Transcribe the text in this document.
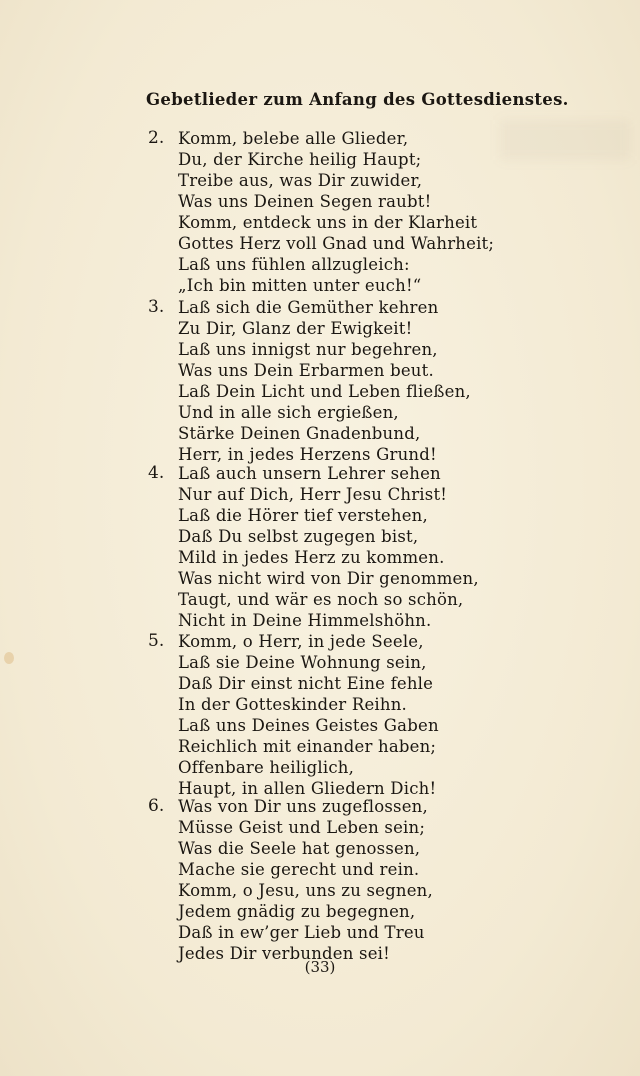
Gebetlieder zum Anfang des Gottesdienstes.
2. Komm, belebe alle Glieder,
Du, der Kirche heilig Haupt;
Treibe aus, was Dir zuwider,
Was uns Deinen Segen raubt!
Komm, entdeck uns in der Klarheit
Gottes Herz voll Gnad und Wahrheit;
Laß uns fühlen allzugleich:
„Ich bin mitten unter euch!“
3. Laß sich die Gemüther kehren
Zu Dir, Glanz der Ewigkeit!
Laß uns innigst nur begehren,
Was uns Dein Erbarmen beut.
Laß Dein Licht und Leben fließen,
Und in alle sich ergießen,
Stärke Deinen Gnadenbund,
Herr, in jedes Herzens Grund!
4. Laß auch unsern Lehrer sehen
Nur auf Dich, Herr Jesu Christ!
Laß die Hörer tief verstehen,
Daß Du selbst zugegen bist,
Mild in jedes Herz zu kommen.
Was nicht wird von Dir genommen,
Taugt, und wär es noch so schön,
Nicht in Deine Himmelshöhn.
5. Komm, o Herr, in jede Seele,
Laß sie Deine Wohnung sein,
Daß Dir einst nicht Eine fehle
In der Gotteskinder Reihn.
Laß uns Deines Geistes Gaben
Reichlich mit einander haben;
Offenbare heiliglich,
Haupt, in allen Gliedern Dich!
6. Was von Dir uns zugeflossen,
Müsse Geist und Leben sein;
Was die Seele hat genossen,
Mache sie gerecht und rein.
Komm, o Jesu, uns zu segnen,
Jedem gnädig zu begegnen,
Daß in ew’ger Lieb und Treu
Jedes Dir verbunden sei!
(33)
